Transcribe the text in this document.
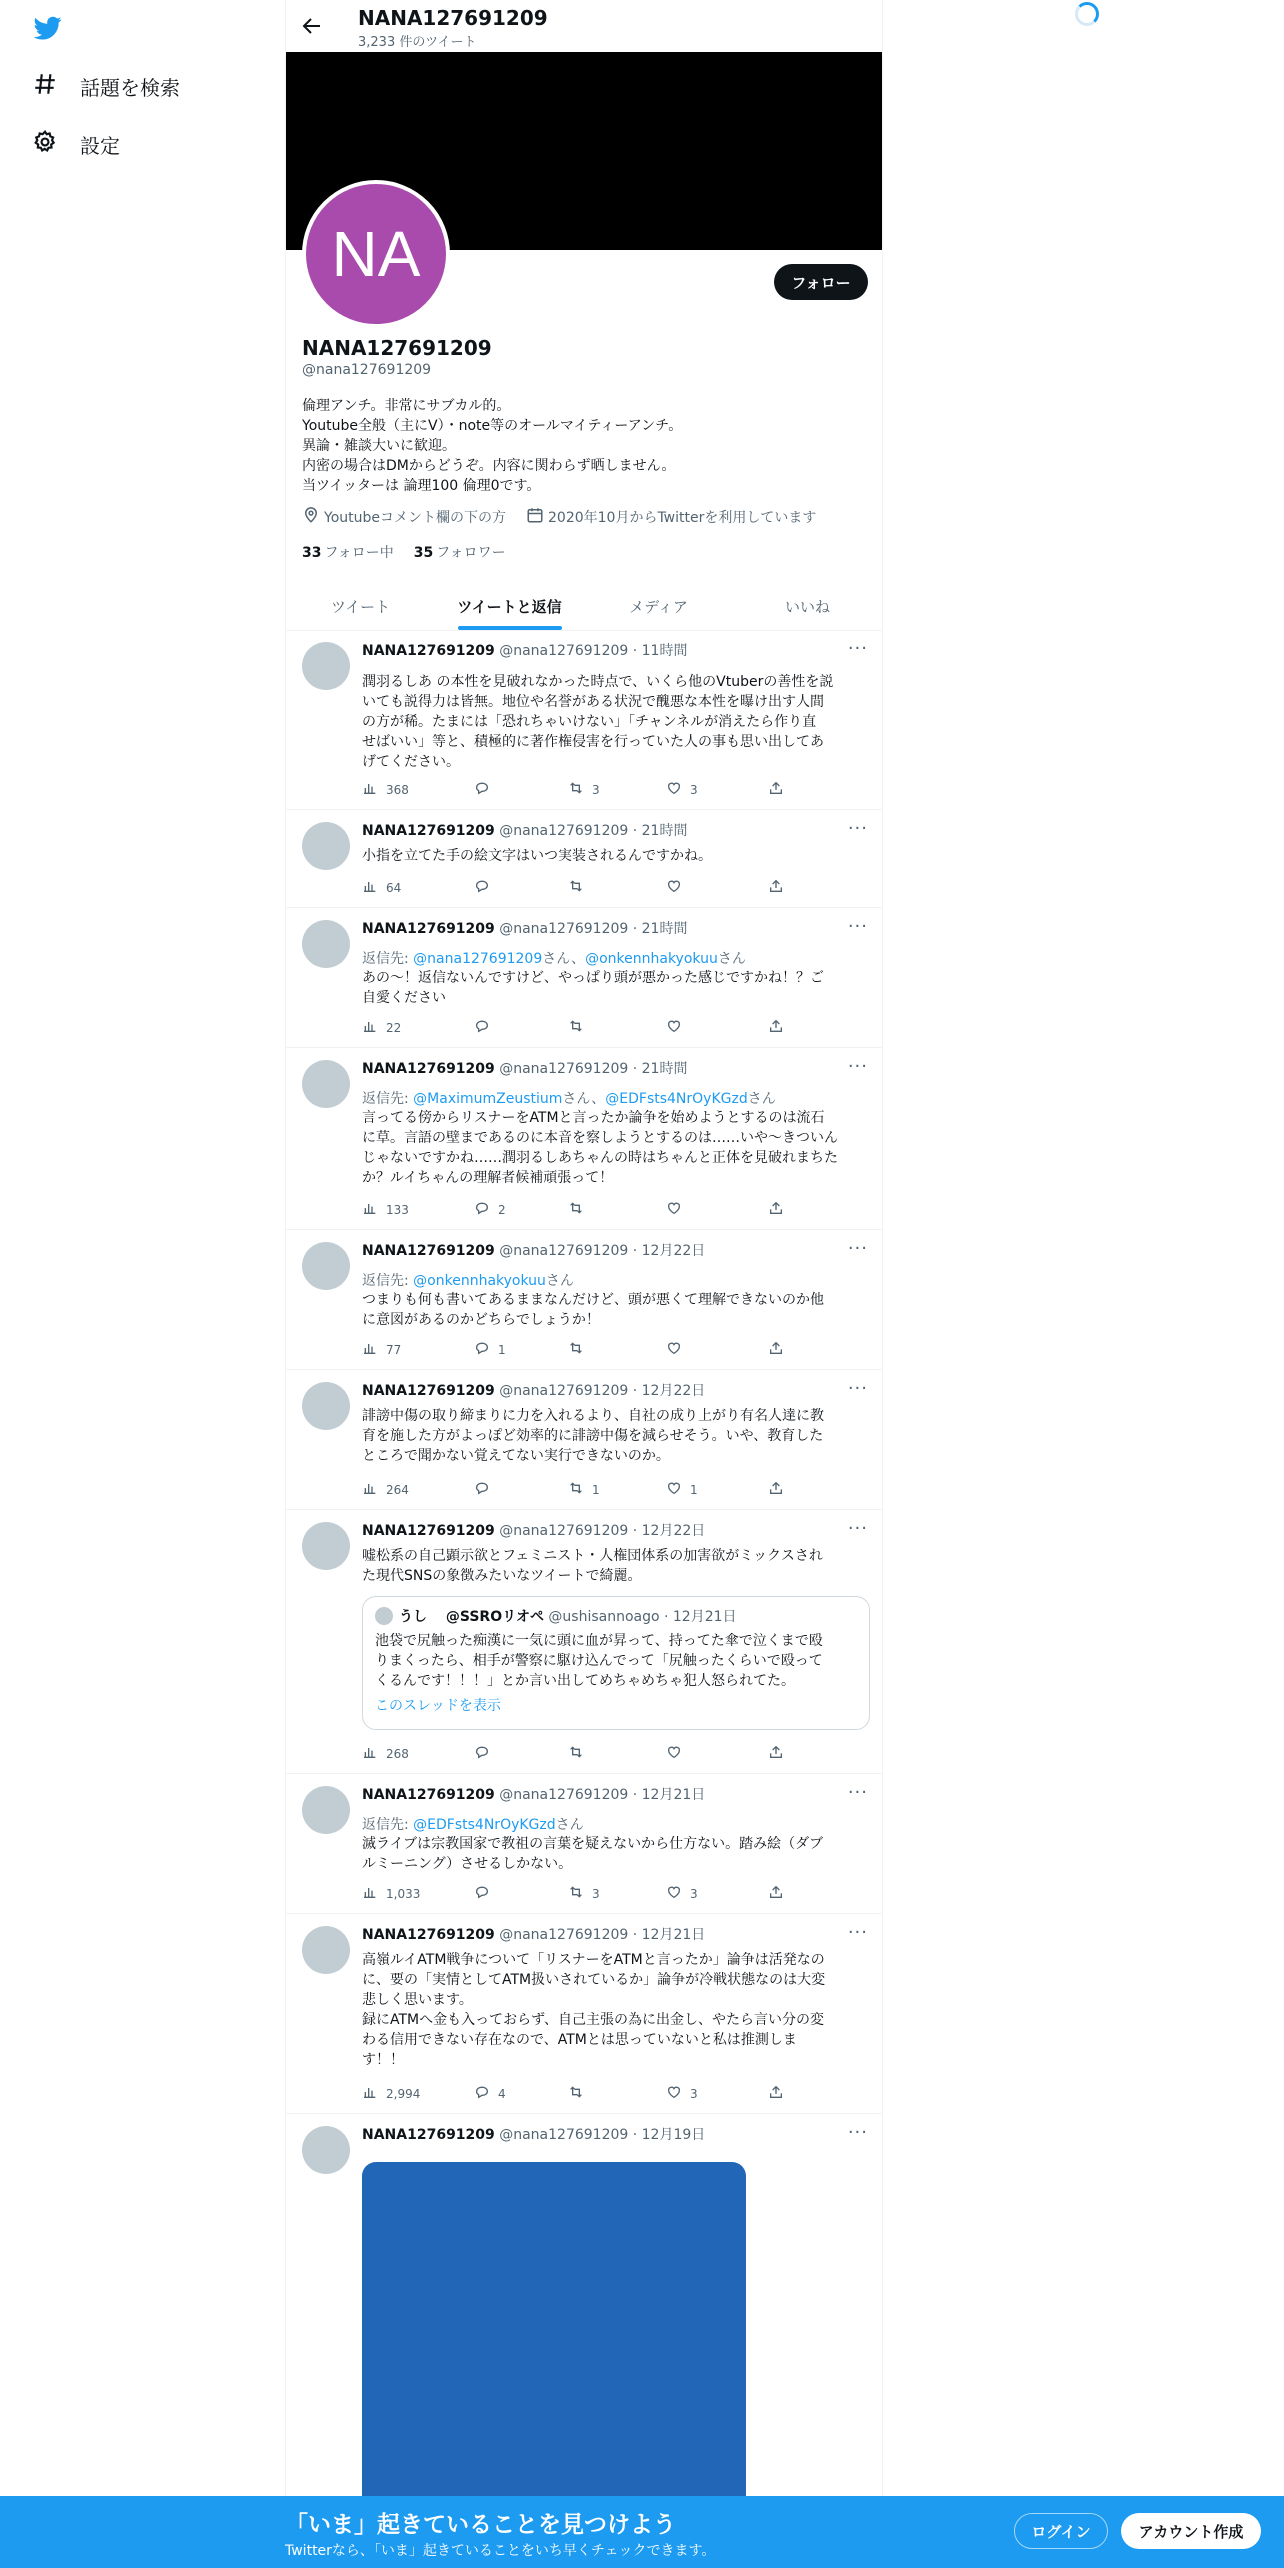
話題を検索
設定
NANA127691209
3,233 件のツイート
NA	フォロー
NANA127691209
@nana127691209
倫理アンチ。非常にサブカル的。
Youtube全般（主にV）・note等のオールマイティーアンチ。
異論・雑談大いに歓迎。
内密の場合はDMからどうぞ。内容に関わらず晒しません。
当ツイッターは 論理100 倫理0です。
Youtubeコメント欄の下の方	2020年10月からTwitterを利用しています
33 フォロー中 35 フォロワー
ツイート	ツイートと返信	メディア	いいね
NANA127691209 @nana127691209 · 11時間	···
潤羽るしあ の本性を見破れなかった時点で、いくら他のVtuberの善性を説
いても説得力は皆無。地位や名誉がある状況で醜悪な本性を曝け出す人間
の方が稀。たまには「恐れちゃいけない」「チャンネルが消えたら作り直
せばいい」等と、積極的に著作権侵害を行っていた人の事も思い出してあ
げてください。
368	3	3
NANA127691209 @nana127691209 · 21時間	···
小指を立てた手の絵文字はいつ実装されるんですかね。
64
NANA127691209 @nana127691209 · 21時間	···
返信先: @nana127691209さん、@onkennhakyokuuさん
あの～！返信ないんですけど、やっぱり頭が悪かった感じですかね！？ご
自愛ください
22
NANA127691209 @nana127691209 · 21時間	···
返信先: @MaximumZeustiumさん、@EDFsts4NrOyKGzdさん
言ってる傍からリスナーをATMと言ったか論争を始めようとするのは流石
に草。言語の壁まであるのに本音を察しようとするのは……いや～きついん
じゃないですかね……潤羽るしあちゃんの時はちゃんと正体を見破れまちた
か？ルイちゃんの理解者候補頑張って！
133	2
NANA127691209 @nana127691209 · 12月22日	···
返信先: @onkennhakyokuuさん
つまりも何も書いてあるままなんだけど、頭が悪くて理解できないのか他
に意図があるのかどちらでしょうか！
77	1
NANA127691209 @nana127691209 · 12月22日	···
誹謗中傷の取り締まりに力を入れるより、自社の成り上がり有名人達に教
育を施した方がよっぽど効率的に誹謗中傷を減らせそう。いや、教育した
ところで聞かない覚えてない実行できないのか。
264	1	1
NANA127691209 @nana127691209 · 12月22日	···
嘘松系の自己顕示欲とフェミニスト・人権団体系の加害欲がミックスされ
た現代SNSの象徴みたいなツイートで綺麗。
うし　 @SSROリオペ @ushisannoago · 12月21日
池袋で尻触った痴漢に一気に頭に血が昇って、持ってた傘で泣くまで殴
りまくったら、相手が警察に駆け込んでって「尻触ったくらいで殴って
くるんです！！！」とか言い出してめちゃめちゃ犯人怒られてた。
このスレッドを表示
268
NANA127691209 @nana127691209 · 12月21日	···
返信先: @EDFsts4NrOyKGzdさん
滅ライブは宗教国家で教祖の言葉を疑えないから仕方ない。踏み絵（ダブ
ルミーニング）させるしかない。
1,033	3	3
NANA127691209 @nana127691209 · 12月21日	···
高嶺ルイATM戦争について「リスナーをATMと言ったか」論争は活発なの
に、要の「実情としてATM扱いされているか」論争が冷戦状態なのは大変
悲しく思います。
録にATMへ金も入っておらず、自己主張の為に出金し、やたら言い分の変
わる信用できない存在なので、ATMとは思っていないと私は推測しま
す！！
2,994	4	3
NANA127691209 @nana127691209 · 12月19日	···
「いま」起きていることを見つけよう
Twitterなら、「いま」起きていることをいち早くチェックできます。
ログイン	アカウント作成
